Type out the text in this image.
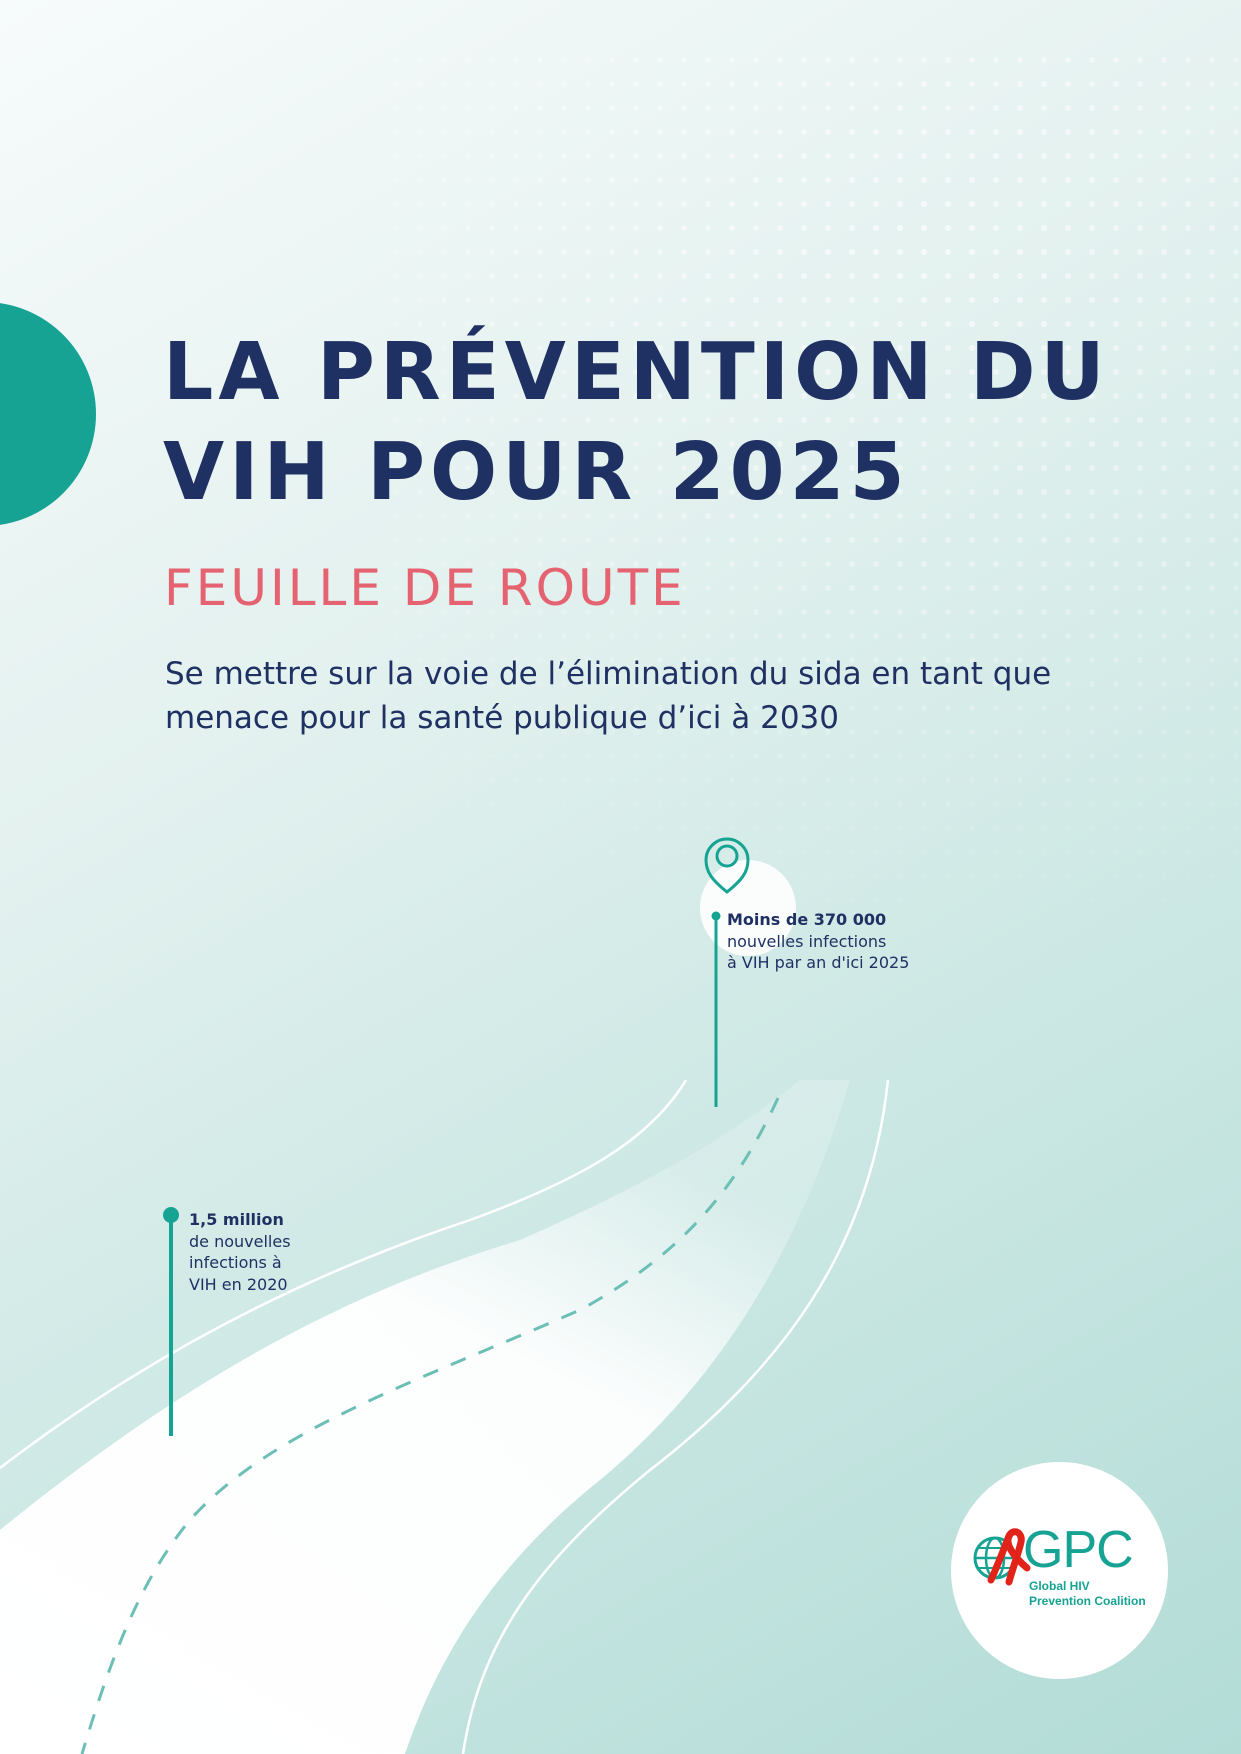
LA PRÉVENTION DU
VIH POUR 2025
FEUILLE DE ROUTE

Se mettre sur la voie de l’élimination du sida en tant que menace pour la santé publique d’ici à 2030

Moins de 370 000
nouvelles infections
à VIH par an d'ici 2025
1,5 million
de nouvelles
infections à
VIH en 2020
GPC
Global HIV
Prevention Coalition
